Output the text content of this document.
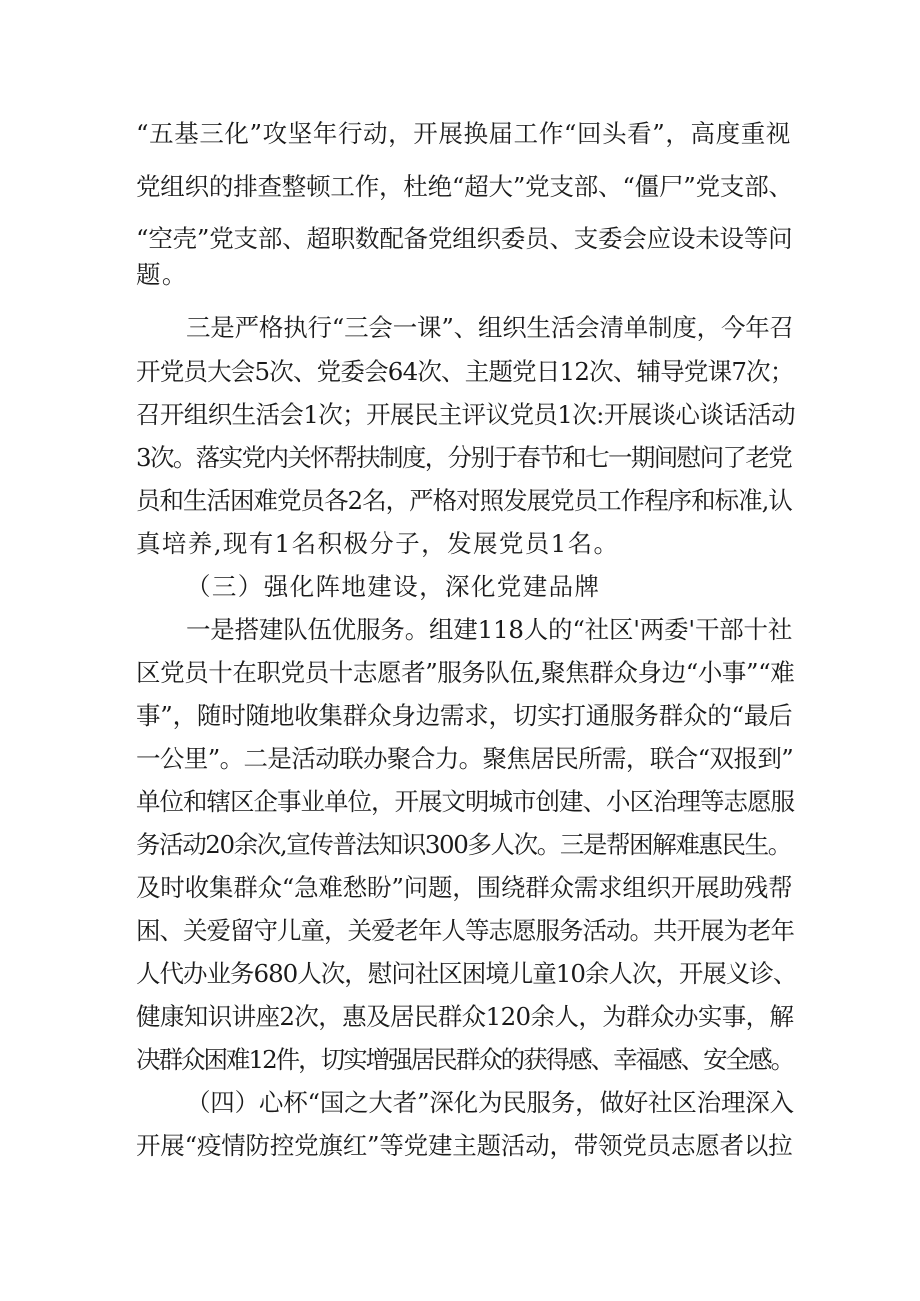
“五基三化”攻坚年行动，开展换届工作“回头看”，高度重视

党组织的排查整顿工作，杜绝“超大”党支部、“僵尸”党支部、

“空壳”党支部、超职数配备党组织委员、支委会应设未设等问

题。

三是严格执行“三会一课”、组织生活会清单制度，今年召

开党员大会5次、党委会64次、主题党日12次、辅导党课7次；

召开组织生活会1次；开展民主评议党员1次:开展谈心谈话活动

3次。落实党内关怀帮扶制度，分别于春节和七一期间慰问了老党

员和生活困难党员各2名，严格对照发展党员工作程序和标准,认

真培养,现有1名积极分子，发展党员1名。

（三）强化阵地建设，深化党建品牌

一是搭建队伍优服务。组建118人的“社区'两委'干部十社

区党员十在职党员十志愿者”服务队伍,聚焦群众身边“小事”“难

事”，随时随地收集群众身边需求，切实打通服务群众的“最后

一公里”。二是活动联办聚合力。聚焦居民所需，联合“双报到”

单位和辖区企事业单位，开展文明城市创建、小区治理等志愿服

务活动20余次,宣传普法知识300多人次。三是帮困解难惠民生。

及时收集群众“急难愁盼”问题，围绕群众需求组织开展助残帮

困、关爱留守儿童，关爱老年人等志愿服务活动。共开展为老年

人代办业务680人次，慰问社区困境儿童10余人次，开展义诊、

健康知识讲座2次，惠及居民群众120余人，为群众办实事，解

决群众困难12件，切实增强居民群众的获得感、幸福感、安全感。

（四）心杯“国之大者”深化为民服务，做好社区治理深入

开展“疫情防控党旗红”等党建主题活动，带领党员志愿者以拉
